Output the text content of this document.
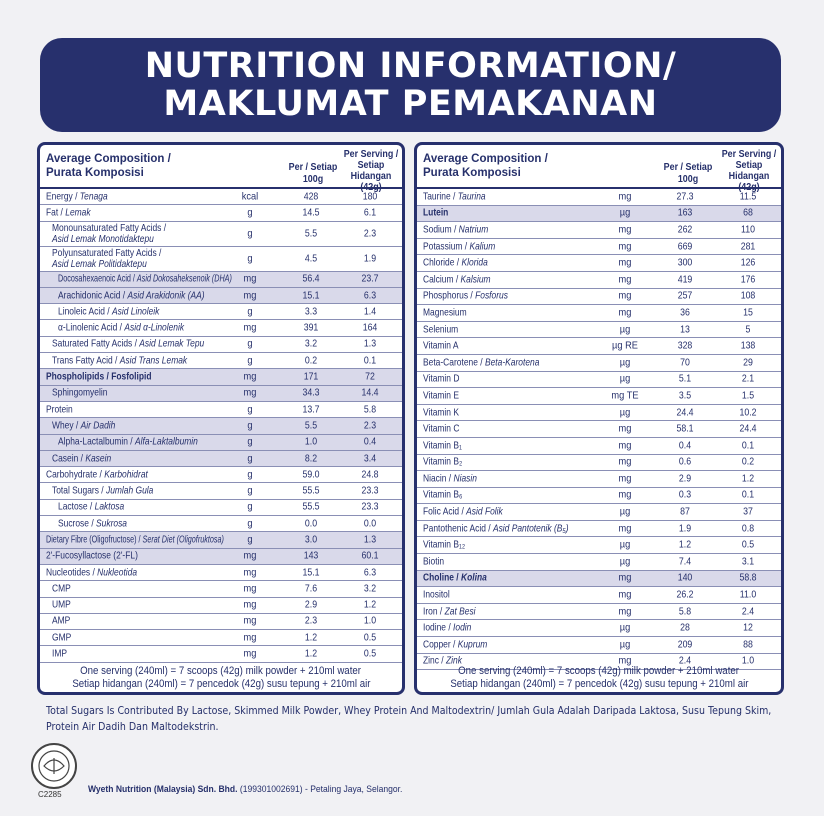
NUTRITION INFORMATION/
MAKLUMAT PEMAKANAN
Average Composition /
Purata Komposisi	Per / Setiap 100g
Per Serving /
Setiap Hidangan
(42g)
Energy / Tenaga	kcal	428	180
Fat / Lemak	g	14.5	6.1
Monounsaturated Fatty Acids /
Asid Lemak Monotidaktepu	g	5.5	2.3
Polyunsaturated Fatty Acids /
Asid Lemak Politidaktepu	g	4.5	1.9
Docosahexaenoic Acid / Asid Dokosaheksenoik (DHA)	mg	56.4	23.7
Arachidonic Acid / Asid Arakidonik (AA)	mg	15.1	6.3
Linoleic Acid / Asid Linoleik	g	3.3	1.4
α-Linolenic Acid / Asid α-Linolenik	mg	391	164
Saturated Fatty Acids / Asid Lemak Tepu	g	3.2	1.3
Trans Fatty Acid / Asid Trans Lemak	g	0.2	0.1
Phospholipids / Fosfolipid	mg	171	72
Sphingomyelin	mg	34.3	14.4
Protein	g	13.7	5.8
Whey / Air Dadih	g	5.5	2.3
Alpha-Lactalbumin / Alfa-Laktalbumin	g	1.0	0.4
Casein / Kasein	g	8.2	3.4
Carbohydrate / Karbohidrat	g	59.0	24.8
Total Sugars / Jumlah Gula	g	55.5	23.3
Lactose / Laktosa	g	55.5	23.3
Sucrose / Sukrosa	g	0.0	0.0
Dietary Fibre (Oligofructose) / Serat Diet (Oligofruktosa)	g	3.0	1.3
2'-Fucosyllactose (2'-FL)	mg	143	60.1
Nucleotides / Nukleotida	mg	15.1	6.3
CMP	mg	7.6	3.2
UMP	mg	2.9	1.2
AMP	mg	2.3	1.0
GMP	mg	1.2	0.5
IMP	mg	1.2	0.5
One serving (240ml) = 7 scoops (42g) milk powder + 210ml water
Setiap hidangan (240ml) = 7 pencedok (42g) susu tepung + 210ml air
Average Composition /
Purata Komposisi	Per / Setiap 100g
Per Serving /
Setiap Hidangan
(42g)
Taurine / Taurina	mg	27.3	11.5
Lutein	µg	163	68
Sodium / Natrium	mg	262	110
Potassium / Kalium	mg	669	281
Chloride / Klorida	mg	300	126
Calcium / Kalsium	mg	419	176
Phosphorus / Fosforus	mg	257	108
Magnesium	mg	36	15
Selenium	µg	13	5
Vitamin A	µg RE	328	138
Beta-Carotene / Beta-Karotena	µg	70	29
Vitamin D	µg	5.1	2.1
Vitamin E	mg TE	3.5	1.5
Vitamin K	µg	24.4	10.2
Vitamin C	mg	58.1	24.4
Vitamin B₁	mg	0.4	0.1
Vitamin B₂	mg	0.6	0.2
Niacin / Niasin	mg	2.9	1.2
Vitamin B₆	mg	0.3	0.1
Folic Acid / Asid Folik	µg	87	37
Pantothenic Acid / Asid Pantotenik (B₅)	mg	1.9	0.8
Vitamin B₁₂	µg	1.2	0.5
Biotin	µg	7.4	3.1
Choline / Kolina	mg	140	58.8
Inositol	mg	26.2	11.0
Iron / Zat Besi	mg	5.8	2.4
Iodine / Iodin	µg	28	12
Copper / Kuprum	µg	209	88
Zinc / Zink	mg	2.4	1.0
One serving (240ml) = 7 scoops (42g) milk powder + 210ml water
Setiap hidangan (240ml) = 7 pencedok (42g) susu tepung + 210ml air
Total Sugars Is Contributed By Lactose, Skimmed Milk Powder, Whey Protein And Maltodextrin/ Jumlah Gula Adalah Daripada Laktosa, Susu Tepung Skim, Protein Air Dadih Dan Maltodekstrin.
C2285	Wyeth Nutrition (Malaysia) Sdn. Bhd. (199301002691) - Petaling Jaya, Selangor.
